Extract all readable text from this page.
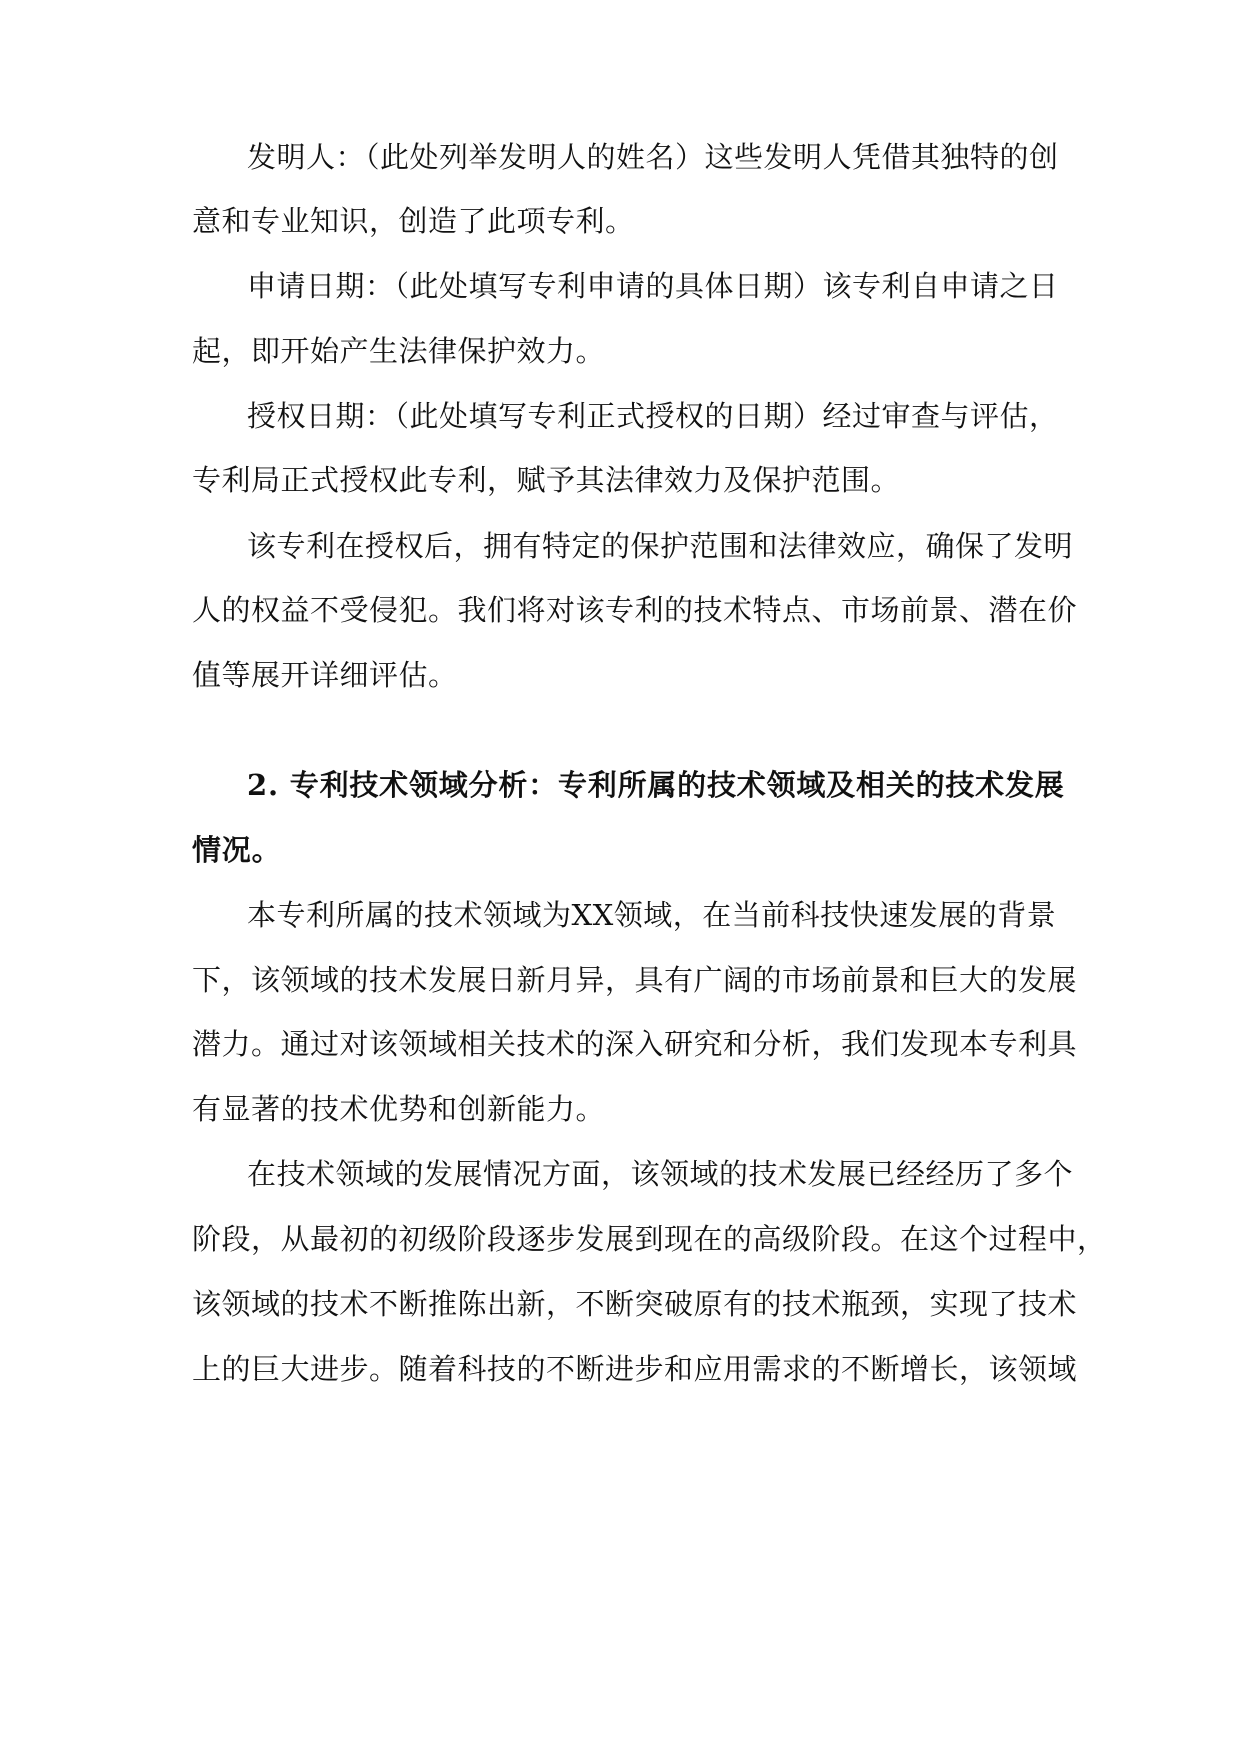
发明人：（此处列举发明人的姓名）这些发明人凭借其独特的创
意和专业知识，创造了此项专利。
申请日期：（此处填写专利申请的具体日期）该专利自申请之日
起，即开始产生法律保护效力。
授权日期：（此处填写专利正式授权的日期）经过审查与评估，
专利局正式授权此专利，赋予其法律效力及保护范围。
该专利在授权后，拥有特定的保护范围和法律效应，确保了发明
人的权益不受侵犯。我们将对该专利的技术特点、市场前景、潜在价
值等展开详细评估。
2. 专利技术领域分析：专利所属的技术领域及相关的技术发展
情况。
本专利所属的技术领域为XX领域，在当前科技快速发展的背景
下，该领域的技术发展日新月异，具有广阔的市场前景和巨大的发展
潜力。通过对该领域相关技术的深入研究和分析，我们发现本专利具
有显著的技术优势和创新能力。
在技术领域的发展情况方面，该领域的技术发展已经经历了多个
阶段，从最初的初级阶段逐步发展到现在的高级阶段。在这个过程中，
该领域的技术不断推陈出新，不断突破原有的技术瓶颈，实现了技术
上的巨大进步。随着科技的不断进步和应用需求的不断增长，该领域
